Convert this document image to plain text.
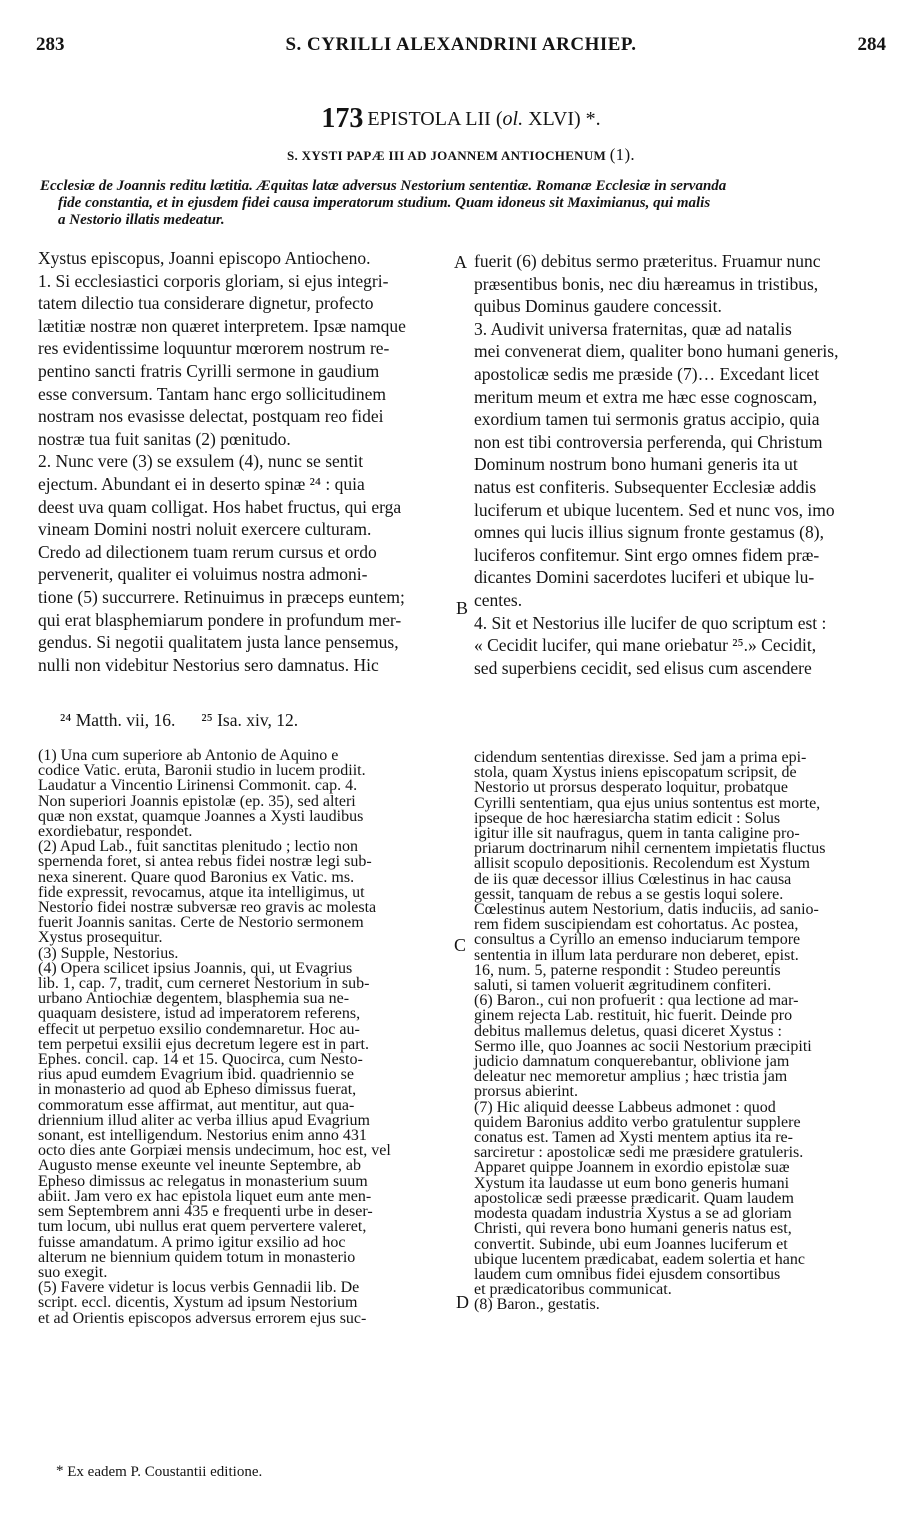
283	S. CYRILLI ALEXANDRINI ARCHIEP.	284
173 EPISTOLA LII (ol. XLVI) *.
S. XYSTI PAPÆ III AD JOANNEM ANTIOCHENUM (1).

Ecclesiæ de Joannis reditu lætitia. Æquitas latæ adversus Nestorium sententiæ. Romanæ Ecclesiæ in servanda

fide constantia, et in ejusdem fidei causa imperatorum studium. Quam idoneus sit Maximianus, qui malis

a Nestorio illatis medeatur.

Xystus episcopus, Joanni episcopo Antiocheno.

1. Si ecclesiastici corporis gloriam, si ejus integri-

tatem dilectio tua considerare dignetur, profecto

lætitiæ nostræ non quæret interpretem. Ipsæ namque

res evidentissime loquuntur mœrorem nostrum re-

pentino sancti fratris Cyrilli sermone in gaudium

esse conversum. Tantam hanc ergo sollicitudinem

nostram nos evasisse delectat, postquam reo fidei

nostræ tua fuit sanitas (2) pœnitudo.

2. Nunc vere (3) se exsulem (4), nunc se sentit

ejectum. Abundant ei in deserto spinæ ²⁴ : quia

deest uva quam colligat. Hos habet fructus, qui erga

vineam Domini nostri noluit exercere culturam.

Credo ad dilectionem tuam rerum cursus et ordo

pervenerit, qualiter ei voluimus nostra admoni-

tione (5) succurrere. Retinuimus in præceps euntem;

qui erat blasphemiarum pondere in profundum mer-

gendus. Si negotii qualitatem justa lance pensemus,

nulli non videbitur Nestorius sero damnatus. Hic

fuerit (6) debitus sermo præteritus. Fruamur nunc

præsentibus bonis, nec diu hæreamus in tristibus,

quibus Dominus gaudere concessit.

3. Audivit universa fraternitas, quæ ad natalis

mei convenerat diem, qualiter bono humani generis,

apostolicæ sedis me præside (7)… Excedant licet

meritum meum et extra me hæc esse cognoscam,

exordium tamen tui sermonis gratus accipio, quia

non est tibi controversia perferenda, qui Christum

Dominum nostrum bono humani generis ita ut

natus est confiteris. Subsequenter Ecclesiæ addis

luciferum et ubique lucentem. Sed et nunc vos, imo

omnes qui lucis illius signum fronte gestamus (8),

luciferos confitemur. Sint ergo omnes fidem præ-

dicantes Domini sacerdotes luciferi et ubique lu-

centes.

4. Sit et Nestorius ille lucifer de quo scriptum est :

« Cecidit lucifer, qui mane oriebatur ²⁵.» Cecidit,

sed superbiens cecidit, sed elisus cum ascendere

A
B
C
D
²⁴ Matth. vii, 16. ²⁵ Isa. xiv, 12.

(1) Una cum superiore ab Antonio de Aquino e

codice Vatic. eruta, Baronii studio in lucem prodiit.

Laudatur a Vincentio Lirinensi Commonit. cap. 4.

Non superiori Joannis epistolæ (ep. 35), sed alteri

quæ non exstat, quamque Joannes a Xysti laudibus

exordiebatur, respondet.

(2) Apud Lab., fuit sanctitas plenitudo ; lectio non

spernenda foret, si antea rebus fidei nostræ legi sub-

nexa sinerent. Quare quod Baronius ex Vatic. ms.

fide expressit, revocamus, atque ita intelligimus, ut

Nestorio fidei nostræ subversæ reo gravis ac molesta

fuerit Joannis sanitas. Certe de Nestorio sermonem

Xystus prosequitur.

(3) Supple, Nestorius.

(4) Opera scilicet ipsius Joannis, qui, ut Evagrius

lib. 1, cap. 7, tradit, cum cerneret Nestorium in sub-

urbano Antiochiæ degentem, blasphemia sua ne-

quaquam desistere, istud ad imperatorem referens,

effecit ut perpetuo exsilio condemnaretur. Hoc au-

tem perpetui exsilii ejus decretum legere est in part.

Ephes. concil. cap. 14 et 15. Quocirca, cum Nesto-

rius apud eumdem Evagrium ibid. quadriennio se

in monasterio ad quod ab Epheso dimissus fuerat,

commoratum esse affirmat, aut mentitur, aut qua-

driennium illud aliter ac verba illius apud Evagrium

sonant, est intelligendum. Nestorius enim anno 431

octo dies ante Gorpiæi mensis undecimum, hoc est, vel

Augusto mense exeunte vel ineunte Septembre, ab

Epheso dimissus ac relegatus in monasterium suum

abiit. Jam vero ex hac epistola liquet eum ante men-

sem Septembrem anni 435 e frequenti urbe in deser-

tum locum, ubi nullus erat quem pervertere valeret,

fuisse amandatum. A primo igitur exsilio ad hoc

alterum ne biennium quidem totum in monasterio

suo exegit.

(5) Favere videtur is locus verbis Gennadii lib. De

script. eccl. dicentis, Xystum ad ipsum Nestorium

et ad Orientis episcopos adversus errorem ejus suc-

cidendum sententias direxisse. Sed jam a prima epi-

stola, quam Xystus iniens episcopatum scripsit, de

Nestorio ut prorsus desperato loquitur, probatque

Cyrilli sententiam, qua ejus unius sontentus est morte,

ipseque de hoc hæresiarcha statim edicit : Solus

igitur ille sit naufragus, quem in tanta caligine pro-

priarum doctrinarum nihil cernentem impietatis fluctus

allisit scopulo depositionis. Recolendum est Xystum

de iis quæ decessor illius Cœlestinus in hac causa

gessit, tanquam de rebus a se gestis loqui solere.

Cœlestinus autem Nestorium, datis induciis, ad sanio-

rem fidem suscipiendam est cohortatus. Ac postea,

consultus a Cyrillo an emenso induciarum tempore

sententia in illum lata perdurare non deberet, epist.

16, num. 5, paterne respondit : Studeo pereuntis

saluti, si tamen voluerit ægritudinem confiteri.

(6) Baron., cui non profuerit : qua lectione ad mar-

ginem rejecta Lab. restituit, hic fuerit. Deinde pro

debitus mallemus deletus, quasi diceret Xystus :

Sermo ille, quo Joannes ac socii Nestorium præcipiti

judicio damnatum conquerebantur, oblivione jam

deleatur nec memoretur amplius ; hæc tristia jam

prorsus abierint.

(7) Hic aliquid deesse Labbeus admonet : quod

quidem Baronius addito verbo gratulentur supplere

conatus est. Tamen ad Xysti mentem aptius ita re-

sarciretur : apostolicæ sedi me præsidere gratuleris.

Apparet quippe Joannem in exordio epistolæ suæ

Xystum ita laudasse ut eum bono generis humani

apostolicæ sedi præesse prædicarit. Quam laudem

modesta quadam industria Xystus a se ad gloriam

Christi, qui revera bono humani generis natus est,

convertit. Subinde, ubi eum Joannes luciferum et

ubique lucentem prædicabat, eadem solertia et hanc

laudem cum omnibus fidei ejusdem consortibus

et prædicatoribus communicat.

(8) Baron., gestatis.

* Ex eadem P. Coustantii editione.
